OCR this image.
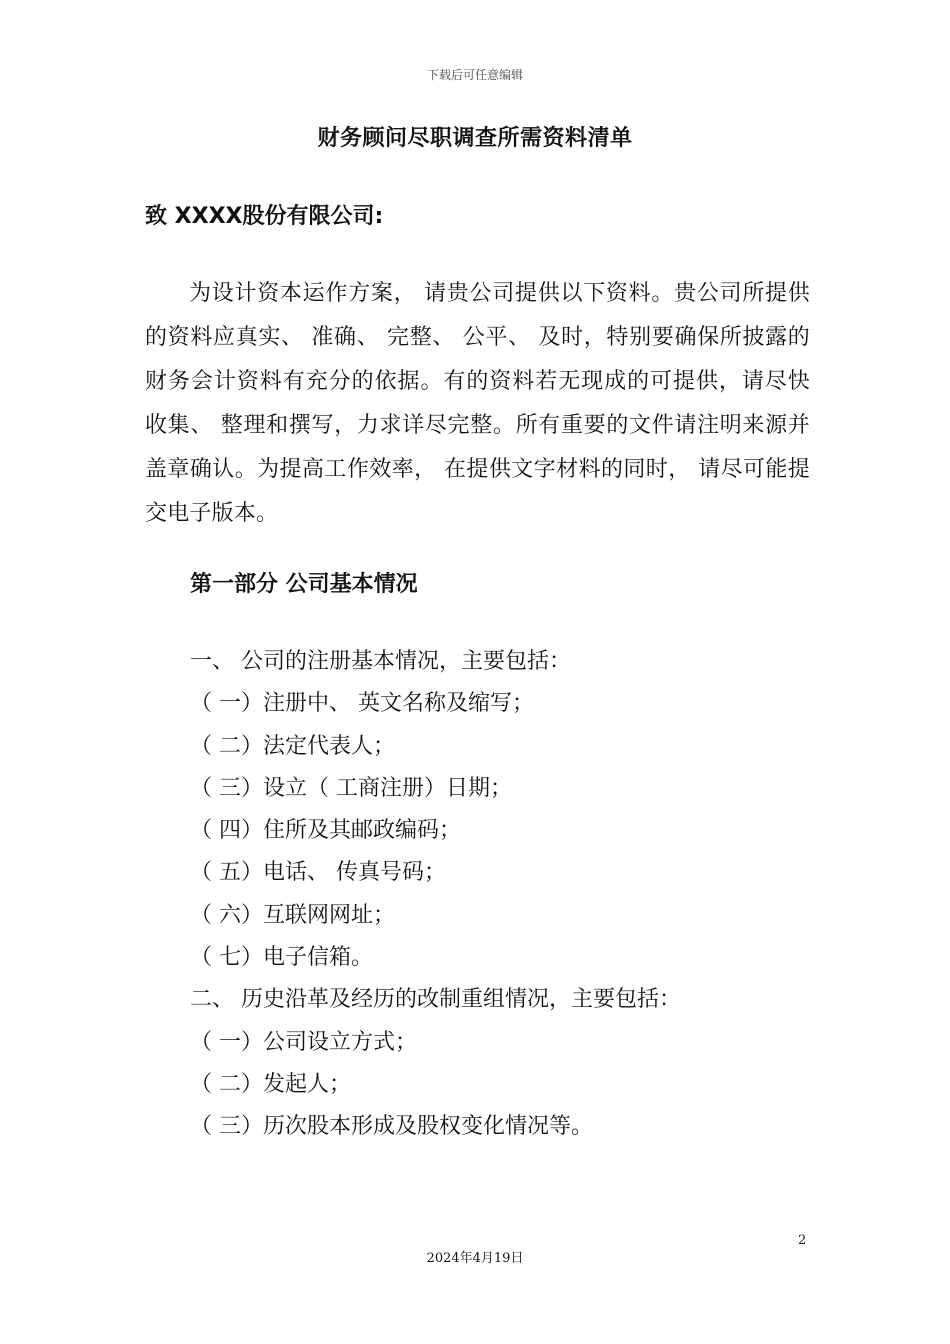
下载后可任意编辑
财务顾问尽职调查所需资料清单
致 XXXX股份有限公司:

为设计资本运作方案， 请贵公司提供以下资料。贵公司所提供的资料应真实、 准确、 完整、 公平、 及时，特别要确保所披露的财务会计资料有充分的依据。有的资料若无现成的可提供，请尽快收集、 整理和撰写，力求详尽完整。所有重要的文件请注明来源并盖章确认。为提高工作效率， 在提供文字材料的同时， 请尽可能提交电子版本。

第一部分 公司基本情况
一、 公司的注册基本情况，主要包括：
（ 一）注册中、 英文名称及缩写；
（ 二）法定代表人；
（ 三）设立（ 工商注册）日期；
（ 四）住所及其邮政编码；
（ 五）电话、 传真号码；
（ 六）互联网网址；
（ 七）电子信箱。
二、 历史沿革及经历的改制重组情况，主要包括：
（ 一）公司设立方式；
（ 二）发起人；
（ 三）历次股本形成及股权变化情况等。
2
2024年4月19日
